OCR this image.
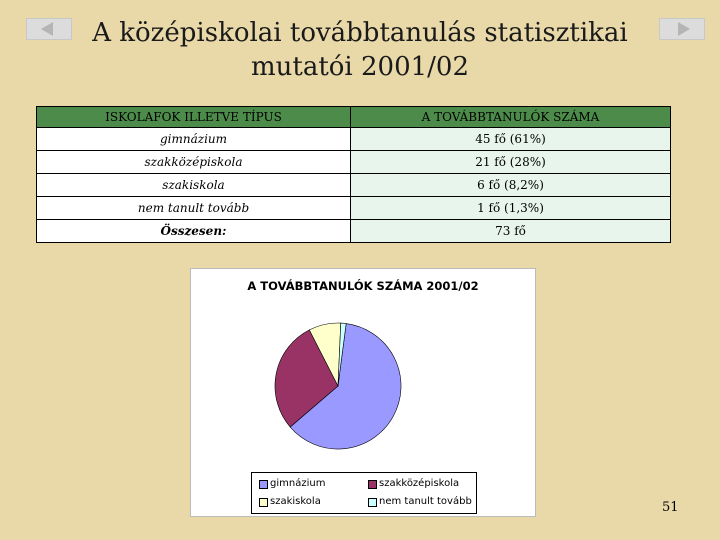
A középiskolai továbbtanulás statisztikai
mutatói 2001/02
ISKOLAFOK ILLETVE TÍPUS	A TOVÁBBTANULÓK SZÁMA
gimnázium	45 fő (61%)
szakközépiskola	21 fő (28%)
szakiskola	6 fő (8,2%)
nem tanult tovább	1 fő (1,3%)
Összesen:	73 fő
A TOVÁBBTANULÓK SZÁMA 2001/02
gimnázium	szakközépiskola
szakiskola	nem tanult tovább	51
